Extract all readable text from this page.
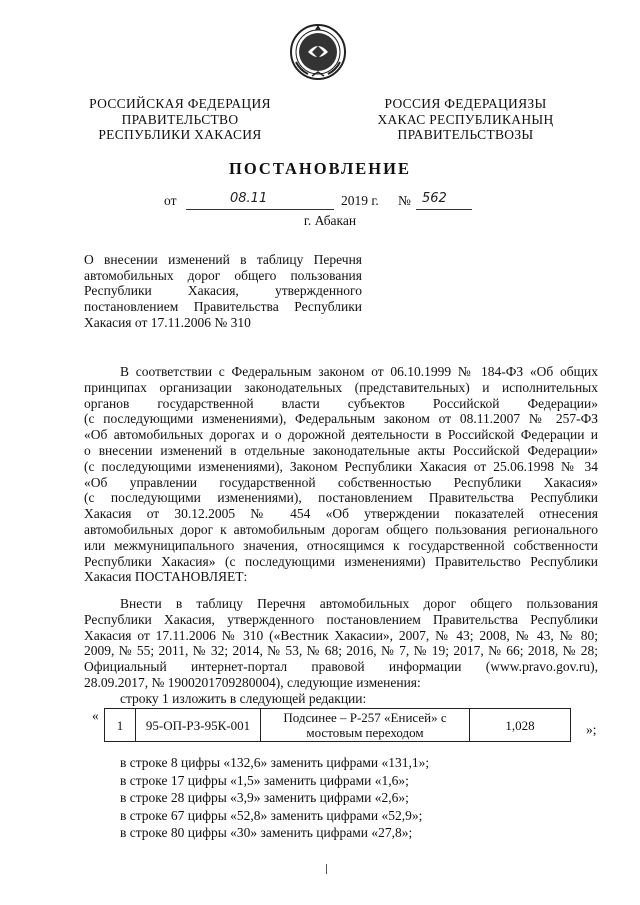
РОССИЙСКАЯ ФЕДЕРАЦИЯ
ПРАВИТЕЛЬСТВО
РЕСПУБЛИКИ ХАКАСИЯ
РОССИЯ ФЕДЕРАЦИЯЗЫ
ХАКАС РЕСПУБЛИКАНЫҢ
ПРАВИТЕЛЬСТВОЗЫ
ПОСТАНОВЛЕНИЕ
от	08.11	2019 г. № 562
г. Абакан
О внесении изменений в таблицу Перечня
автомобильных дорог общего пользования
Республики Хакасия, утвержденного
постановлением Правительства Республики
Хакасия от 17.11.2006 № 310
В соответствии с Федеральным законом от 06.10.1999 № 184-ФЗ «Об общих
принципах организации законодательных (представительных) и исполнительных
органов государственной власти субъектов Российской Федерации»
(с последующими изменениями), Федеральным законом от 08.11.2007 № 257-ФЗ
«Об автомобильных дорогах и о дорожной деятельности в Российской Федерации и
о внесении изменений в отдельные законодательные акты Российской Федерации»
(с последующими изменениями), Законом Республики Хакасия от 25.06.1998 № 34
«Об управлении государственной собственностью Республики Хакасия»
(с последующими изменениями), постановлением Правительства Республики
Хакасия от 30.12.2005 № 454 «Об утверждении показателей отнесения
автомобильных дорог к автомобильным дорогам общего пользования регионального
или межмуниципального значения, относящимся к государственной собственности
Республики Хакасия» (с последующими изменениями) Правительство Республики
Хакасия ПОСТАНОВЛЯЕТ:
Внести в таблицу Перечня автомобильных дорог общего пользования
Республики Хакасия, утвержденного постановлением Правительства Республики
Хакасия от 17.11.2006 № 310 («Вестник Хакасии», 2007, № 43; 2008, № 43, № 80;
2009, № 55; 2011, № 32; 2014, № 53, № 68; 2016, № 7, № 19; 2017, № 66; 2018, № 28;
Официальный интернет-портал правовой информации (www.pravo.gov.ru),
28.09.2017, № 1900201709280004), следующие изменения:
строку 1 изложить в следующей редакции:
«
1	95-ОП-РЗ-95К-001	Подсинее – Р-257 «Енисей» с
мостовым переходом	1,028	»;
в строке 8 цифры «132,6» заменить цифрами «131,1»;
в строке 17 цифры «1,5» заменить цифрами «1,6»;
в строке 28 цифры «3,9» заменить цифрами «2,6»;
в строке 67 цифры «52,8» заменить цифрами «52,9»;
в строке 80 цифры «30» заменить цифрами «27,8»;
